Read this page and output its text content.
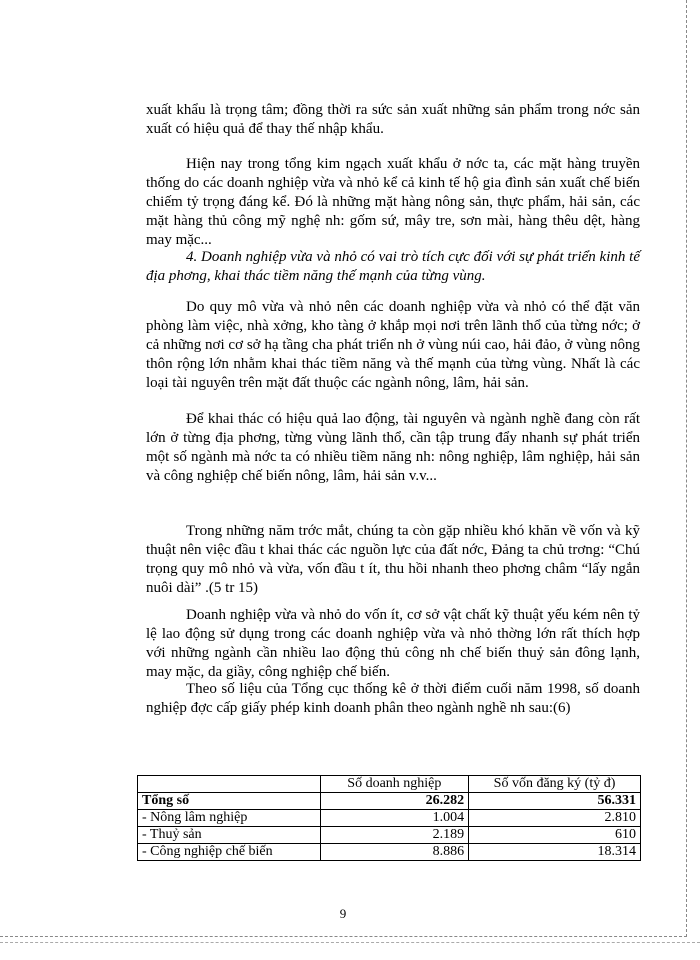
xuất khẩu là trọng tâm; đồng thời ra sức sản xuất những sản phẩm trong nớc sản xuất có hiệu quả để thay thế nhập khẩu.

Hiện nay trong tổng kim ngạch xuất khẩu ở nớc ta, các mặt hàng truyền thống do các doanh nghiệp vừa và nhỏ kể cả kinh tế hộ gia đình sản xuất chế biến chiếm tỷ trọng đáng kể. Đó là những mặt hàng nông sản, thực phẩm, hải sản, các mặt hàng thủ công mỹ nghệ nh: gốm sứ, mây tre, sơn mài, hàng thêu dệt, hàng may mặc...

4. Doanh nghiệp vừa và nhỏ có vai trò tích cực đối với sự phát triển kinh tế địa phơng, khai thác tiềm năng thế mạnh của từng vùng.

Do quy mô vừa và nhỏ nên các doanh nghiệp vừa và nhỏ có thể đặt văn phòng làm việc, nhà xởng, kho tàng ở khắp mọi nơi trên lãnh thổ của từng nớc; ở cả những nơi cơ sở hạ tầng cha phát triển nh ở vùng núi cao, hải đảo, ở vùng nông thôn rộng lớn nhằm khai thác tiềm năng và thế mạnh của từng vùng. Nhất là các loại tài nguyên trên mặt đất thuộc các ngành nông, lâm, hải sản.

Để khai thác có hiệu quả lao động, tài nguyên và ngành nghề đang còn rất lớn ở từng địa phơng, từng vùng lãnh thổ, cần tập trung đẩy nhanh sự phát triển một số ngành mà nớc ta có nhiều tiềm năng nh: nông nghiệp, lâm nghiệp, hải sản và công nghiệp chế biến nông, lâm, hải sản v.v...

Trong những năm trớc mắt, chúng ta còn gặp nhiều khó khăn về vốn và kỹ thuật nên việc đầu t khai thác các nguồn lực của đất nớc, Đảng ta chủ trơng: “Chú trọng quy mô nhỏ và vừa, vốn đầu t ít, thu hồi nhanh theo phơng châm “lấy ngắn nuôi dài” .(5 tr 15)

Doanh nghiệp vừa và nhỏ do vốn ít, cơ sở vật chất kỹ thuật yếu kém nên tỷ lệ lao động sử dụng trong các doanh nghiệp vừa và nhỏ thờng lớn rất thích hợp với những ngành cần nhiều lao động thủ công nh chế biến thuỷ sản đông lạnh, may mặc, da giầy, công nghiệp chế biến.

Theo số liệu của Tổng cục thống kê ở thời điểm cuối năm 1998, số doanh nghiệp đợc cấp giấy phép kinh doanh phân theo ngành nghề nh sau:(6)

	Số doanh nghiệp	Số vốn đăng ký (tỷ đ)
Tổng số	26.282	56.331
- Nông lâm nghiệp	1.004	2.810
- Thuỷ sản	2.189	610
- Công nghiệp chế biến	8.886	18.314
9
